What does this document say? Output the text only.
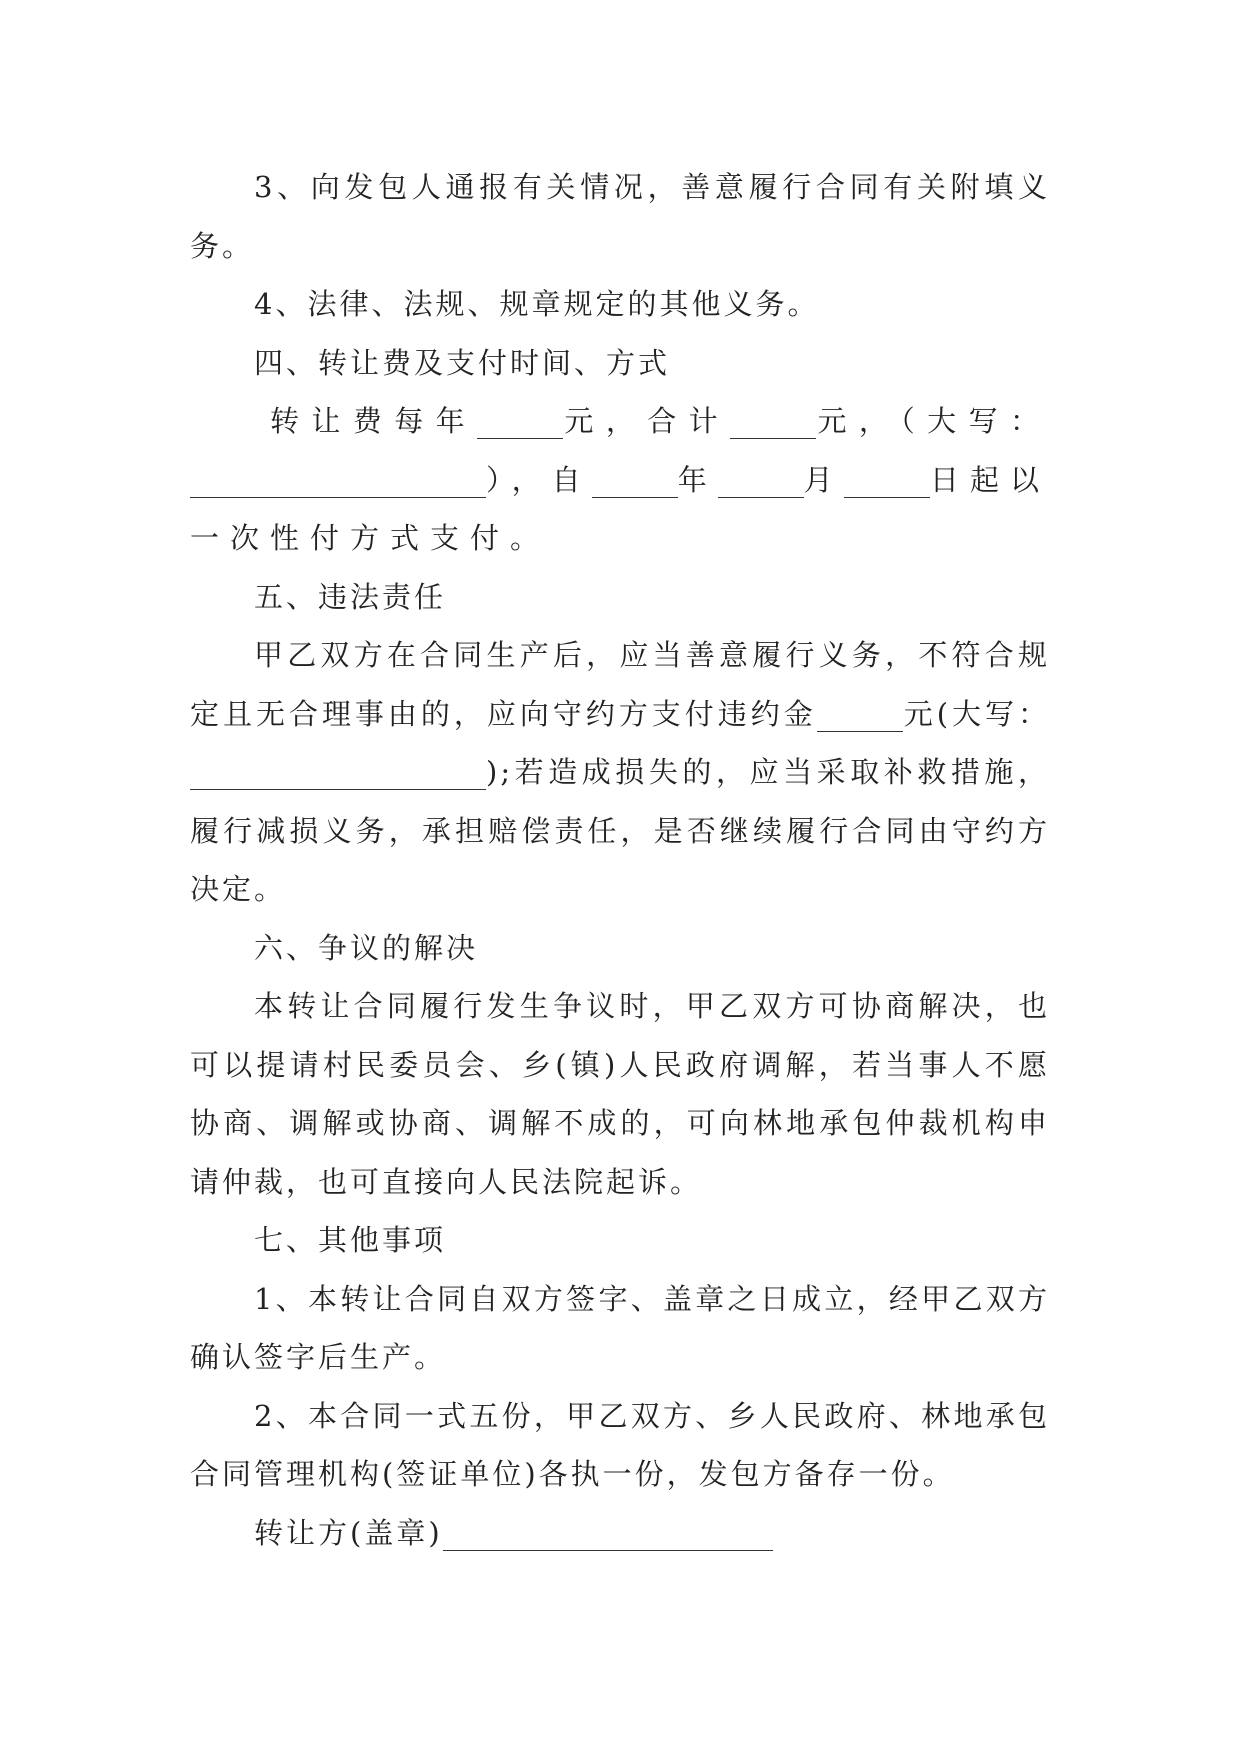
3、向发包人通报有关情况，善意履行合同有关附填义务。

4、法律、法规、规章规定的其他义务。

四、转让费及支付时间、方式

转让费每年	元，合计	元，（大写：），自	年	月	日起以一次性付方式支付。

五、违法责任

甲乙双方在合同生产后，应当善意履行义务，不符合规定且无合理事由的，应向守约方支付违约金	元(大写：);若造成损失的，应当采取补救措施，履行减损义务，承担赔偿责任，是否继续履行合同由守约方决定。

六、争议的解决

本转让合同履行发生争议时，甲乙双方可协商解决，也可以提请村民委员会、乡(镇)人民政府调解，若当事人不愿协商、调解或协商、调解不成的，可向林地承包仲裁机构申请仲裁，也可直接向人民法院起诉。

七、其他事项

1、本转让合同自双方签字、盖章之日成立，经甲乙双方确认签字后生产。

2、本合同一式五份，甲乙双方、乡人民政府、林地承包合同管理机构(签证单位)各执一份，发包方备存一份。

转让方(盖章)
